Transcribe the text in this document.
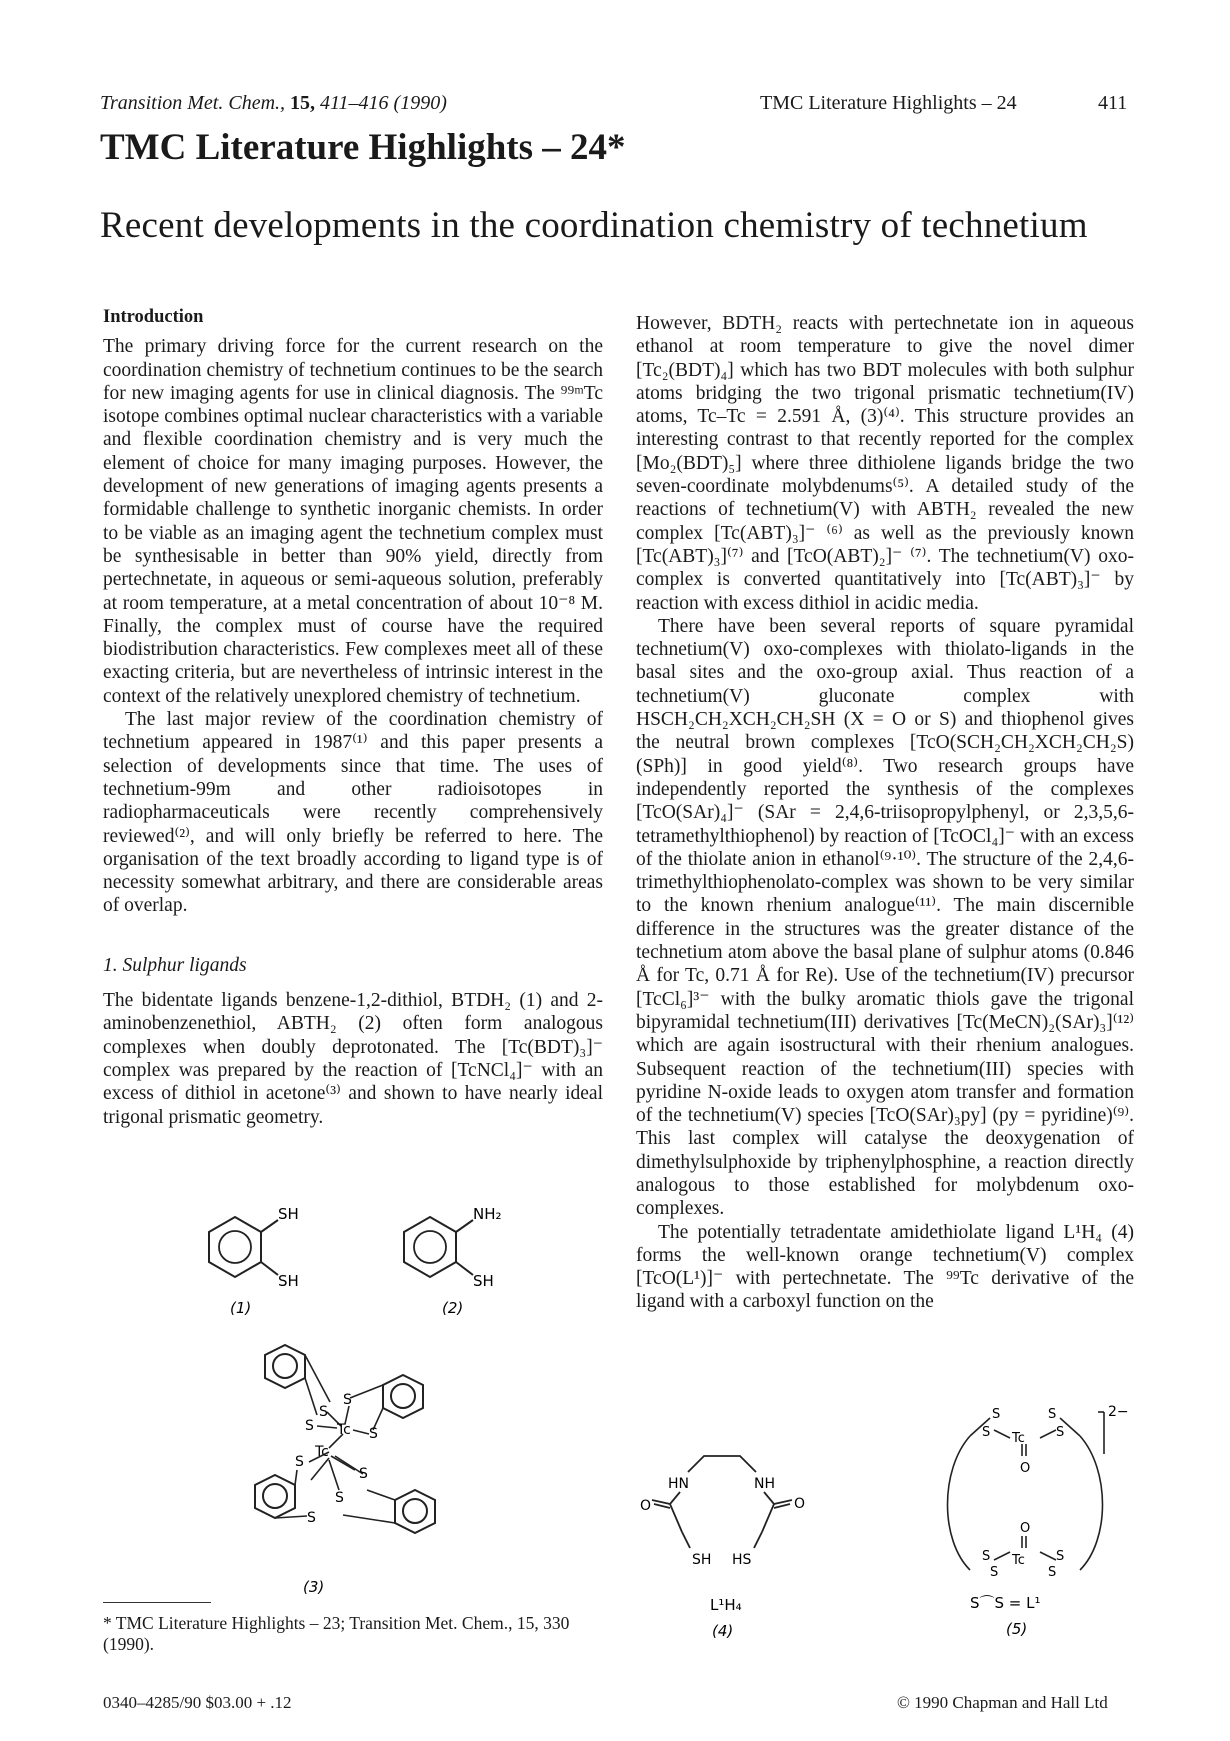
Transition Met. Chem., 15, 411–416 (1990)	TMC Literature Highlights – 24	411
TMC Literature Highlights – 24*
Recent developments in the coordination chemistry of technetium

Introduction

The primary driving force for the current research on the coordination chemistry of technetium continues to be the search for new imaging agents for use in clinical diagnosis. The ⁹⁹ᵐTc isotope combines optimal nuclear characteristics with a variable and flexible coordination chemistry and is very much the element of choice for many imaging purposes. However, the development of new generations of imaging agents presents a formidable challenge to synthetic inorganic chemists. In order to be viable as an imaging agent the technetium complex must be synthesisable in better than 90% yield, directly from pertechnetate, in aqueous or semi-aqueous solution, preferably at room temperature, at a metal concentration of about 10⁻⁸ M. Finally, the complex must of course have the required biodistribution characteristics. Few complexes meet all of these exacting criteria, but are nevertheless of intrinsic interest in the context of the relatively unexplored chemistry of technetium.

The last major review of the coordination chemistry of technetium appeared in 1987⁽¹⁾ and this paper presents a selection of developments since that time. The uses of technetium-99m and other radioisotopes in radiopharmaceuticals were recently comprehensively reviewed⁽²⁾, and will only briefly be referred to here. The organisation of the text broadly according to ligand type is of necessity somewhat arbitrary, and there are considerable areas of overlap.

1. Sulphur ligands

The bidentate ligands benzene-1,2-dithiol, BTDH₂ (1) and 2-aminobenzenethiol, ABTH₂ (2) often form analogous complexes when doubly deprotonated. The [Tc(BDT)₃]⁻ complex was prepared by the reaction of [TcNCl₄]⁻ with an excess of dithiol in acetone⁽³⁾ and shown to have nearly ideal trigonal prismatic geometry.

However, BDTH₂ reacts with pertechnetate ion in aqueous ethanol at room temperature to give the novel dimer [Tc₂(BDT)₄] which has two BDT molecules with both sulphur atoms bridging the two trigonal prismatic technetium(IV) atoms, Tc–Tc = 2.591 Å, (3)⁽⁴⁾. This structure provides an interesting contrast to that recently reported for the complex [Mo₂(BDT)₅] where three dithiolene ligands bridge the two seven-coordinate molybdenums⁽⁵⁾. A detailed study of the reactions of technetium(V) with ABTH₂ revealed the new complex [Tc(ABT)₃]⁻ ⁽⁶⁾ as well as the previously known [Tc(ABT)₃]⁽⁷⁾ and [TcO(ABT)₂]⁻ ⁽⁷⁾. The technetium(V) oxo-complex is converted quantitatively into [Tc(ABT)₃]⁻ by reaction with excess dithiol in acidic media.

There have been several reports of square pyramidal technetium(V) oxo-complexes with thiolato-ligands in the basal sites and the oxo-group axial. Thus reaction of a technetium(V) gluconate complex with HSCH₂CH₂XCH₂CH₂SH (X = O or S) and thiophenol gives the neutral brown complexes [TcO(SCH₂CH₂XCH₂CH₂S)(SPh)] in good yield⁽⁸⁾. Two research groups have independently reported the synthesis of the complexes [TcO(SAr)₄]⁻ (SAr = 2,4,6-triisopropylphenyl, or 2,3,5,6-tetramethylthiophenol) by reaction of [TcOCl₄]⁻ with an excess of the thiolate anion in ethanol⁽⁹·¹⁰⁾. The structure of the 2,4,6-trimethylthiophenolato-complex was shown to be very similar to the known rhenium analogue⁽¹¹⁾. The main discernible difference in the structures was the greater distance of the technetium atom above the basal plane of sulphur atoms (0.846 Å for Tc, 0.71 Å for Re). Use of the technetium(IV) precursor [TcCl₆]³⁻ with the bulky aromatic thiols gave the trigonal bipyramidal technetium(III) derivatives [Tc(MeCN)₂(SAr)₃]⁽¹²⁾ which are again isostructural with their rhenium analogues. Subsequent reaction of the technetium(III) species with pyridine N-oxide leads to oxygen atom transfer and formation of the technetium(V) species [TcO(SAr)₃py] (py = pyridine)⁽⁹⁾. This last complex will catalyse the deoxygenation of dimethylsulphoxide by triphenylphosphine, a reaction directly analogous to those established for molybdenum oxo-complexes.

The potentially tetradentate amidethiolate ligand L¹H₄ (4) forms the well-known orange technetium(V) complex [TcO(L¹)]⁻ with pertechnetate. The ⁹⁹Tc derivative of the ligand with a carboxyl function on the

SH
SH
(1)
NH₂
SH
(2)
S
S
S	S
Tc
Tc
S
S
S
S
(3)
HN	NH
O	O
SH HS
L¹H₄
(4)
S	S
S	S
Tc
O
O
Tc
S	S
S	S
2−
S⌒S = L¹
(5)
* TMC Literature Highlights – 23; Transition Met. Chem., 15, 330 (1990).
0340–4285/90 $03.00 + .12	© 1990 Chapman and Hall Ltd
